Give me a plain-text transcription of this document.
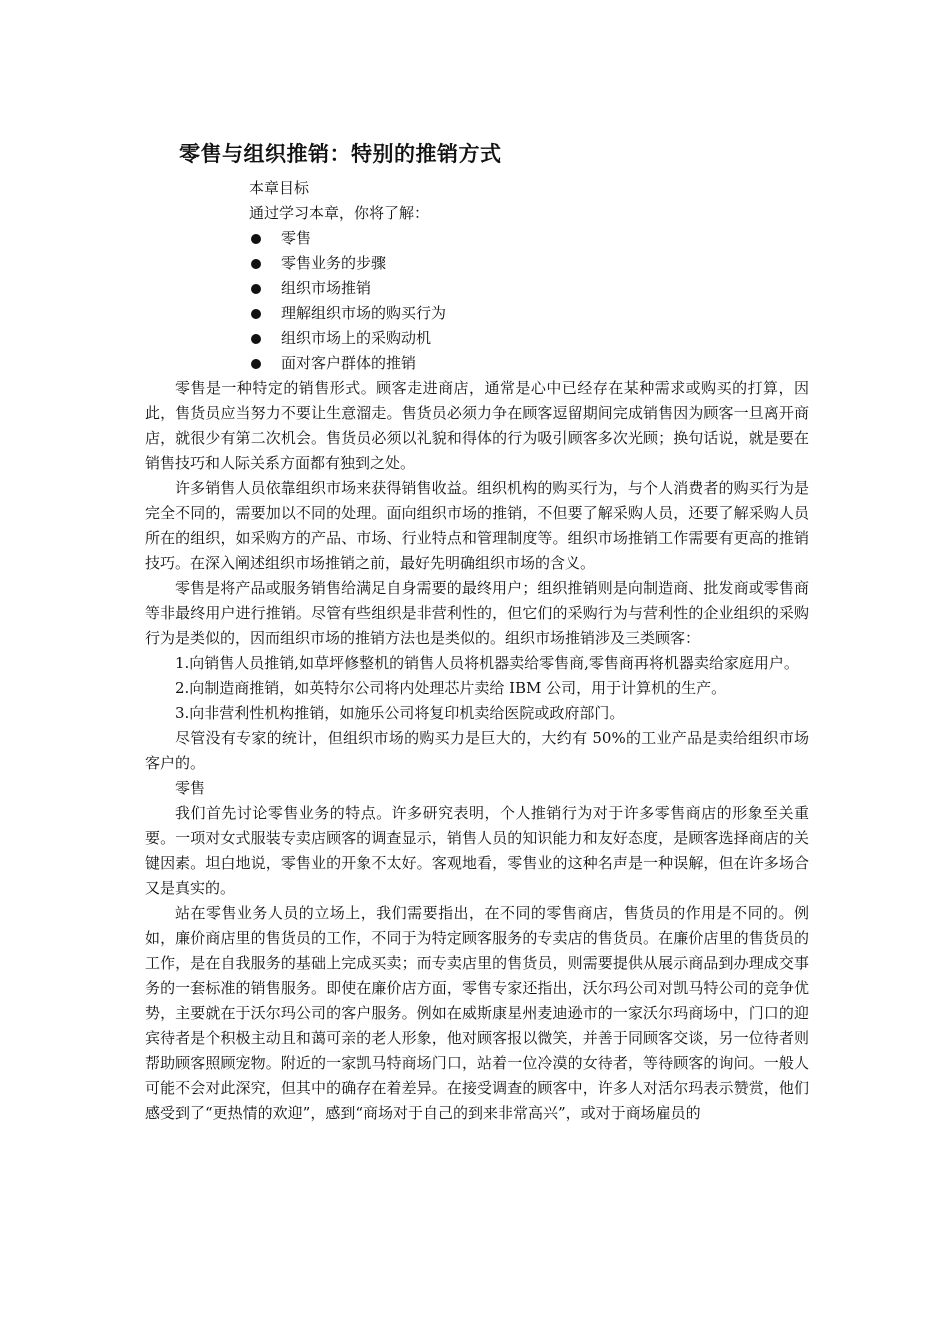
零售与组织推销：特别的推销方式
本章目标
通过学习本章，你将了解：
零售
零售业务的步骤
组织市场推销
理解组织市场的购买行为
组织市场上的采购动机
面对客户群体的推销

零售是一种特定的销售形式。顾客走进商店，通常是心中已经存在某种需求或购买的打算，因此，售货员应当努力不要让生意溜走。售货员必须力争在顾客逗留期间完成销售因为顾客一旦离开商店，就很少有第二次机会。售货员必须以礼貌和得体的行为吸引顾客多次光顾；换句话说，就是要在销售技巧和人际关系方面都有独到之处。

许多销售人员依靠组织市场来获得销售收益。组织机构的购买行为，与个人消费者的购买行为是完全不同的，需要加以不同的处理。面向组织市场的推销，不但要了解采购人员，还要了解采购人员所在的组织，如采购方的产品、市场、行业特点和管理制度等。组织市场推销工作需要有更高的推销技巧。在深入阐述组织市场推销之前，最好先明确组织市场的含义。

零售是将产品或服务销售给满足自身需要的最终用户；组织推销则是向制造商、批发商或零售商等非最终用户进行推销。尽管有些组织是非营利性的，但它们的采购行为与营利性的企业组织的采购行为是类似的，因而组织市场的推销方法也是类似的。组织市场推销涉及三类顾客：

1.向销售人员推销,如草坪修整机的销售人员将机器卖给零售商,零售商再将机器卖给家庭用户。

2.向制造商推销，如英特尔公司将内处理芯片卖给 IBM 公司，用于计算机的生产。

3.向非营利性机构推销，如施乐公司将复印机卖给医院或政府部门。

尽管没有专家的统计，但组织市场的购买力是巨大的，大约有 50%的工业产品是卖给组织市场客户的。

零售

我们首先讨论零售业务的特点。许多研究表明，个人推销行为对于许多零售商店的形象至关重要。一项对女式服装专卖店顾客的调查显示，销售人员的知识能力和友好态度，是顾客选择商店的关键因素。坦白地说，零售业的开象不太好。客观地看，零售业的这种名声是一种误解，但在许多场合又是真实的。

站在零售业务人员的立场上，我们需要指出，在不同的零售商店，售货员的作用是不同的。例如，廉价商店里的售货员的工作，不同于为特定顾客服务的专卖店的售货员。在廉价店里的售货员的工作，是在自我服务的基础上完成买卖；而专卖店里的售货员，则需要提供从展示商品到办理成交事务的一套标准的销售服务。即使在廉价店方面，零售专家还指出，沃尔玛公司对凯马特公司的竞争优势，主要就在于沃尔玛公司的客户服务。例如在威斯康星州麦迪逊市的一家沃尔玛商场中，门口的迎宾待者是个积极主动且和蔼可亲的老人形象，他对顾客报以微笑，并善于同顾客交谈，另一位待者则帮助顾客照顾宠物。附近的一家凯马特商场门口，站着一位冷漠的女待者，等待顾客的询问。一般人可能不会对此深究，但其中的确存在着差异。在接受调查的顾客中，许多人对活尔玛表示赞赏，他们感受到了“更热情的欢迎”，感到“商场对于自己的到来非常高兴”，或对于商场雇员的
